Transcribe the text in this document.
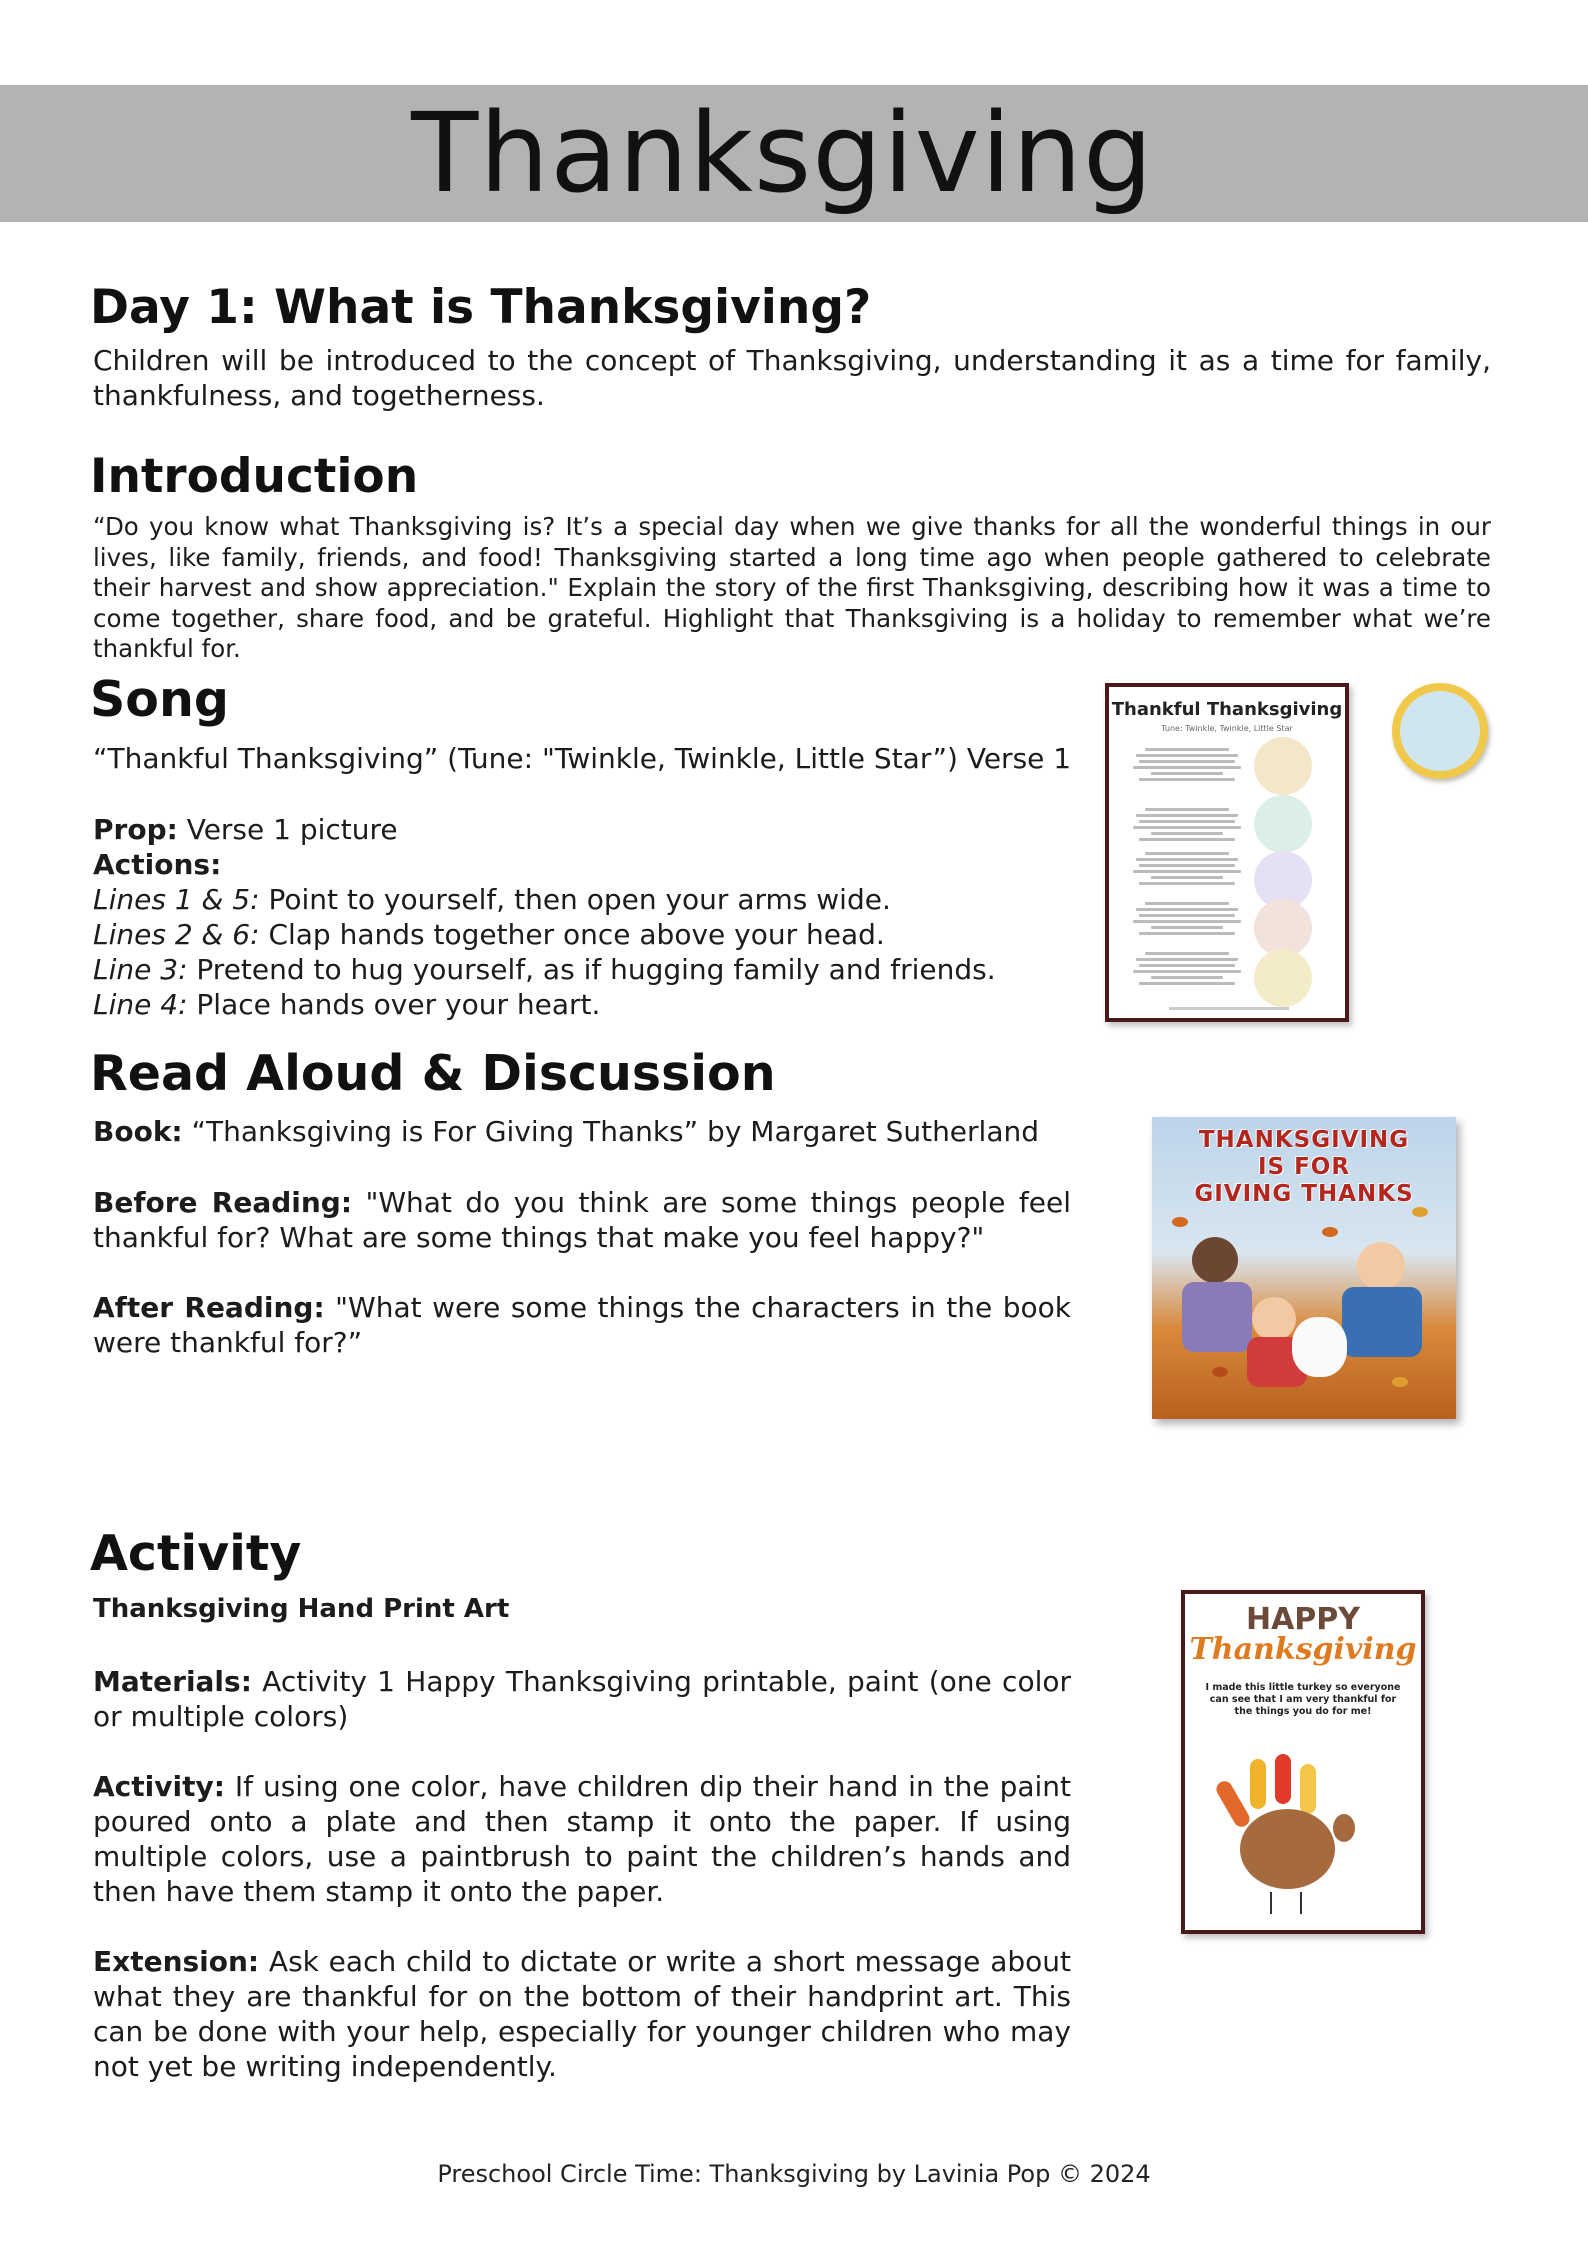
Thanksgiving
Day 1: What is Thanksgiving?

Children will be introduced to the concept of Thanksgiving, understanding it as a time for family, thankfulness, and togetherness.

Introduction

“Do you know what Thanksgiving is? It’s a special day when we give thanks for all the wonderful things in our lives, like family, friends, and food! Thanksgiving started a long time ago when people gathered to celebrate their harvest and show appreciation." Explain the story of the first Thanksgiving, describing how it was a time to come together, share food, and be grateful. Highlight that Thanksgiving is a holiday to remember what we’re thankful for.

Song

“Thankful Thanksgiving” (Tune: "Twinkle, Twinkle, Little Star”) Verse 1

Prop: Verse 1 picture

Actions:

Lines 1 & 5: Point to yourself, then open your arms wide.
Lines 2 & 6: Clap hands together once above your head.
Line 3: Pretend to hug yourself, as if hugging family and friends.
Line 4: Place hands over your heart.

Thankful Thanksgiving
Tune: Twinkle, Twinkle, Little Star
Read Aloud & Discussion

Book: “Thanksgiving is For Giving Thanks” by Margaret Sutherland

Before Reading: "What do you think are some things people feel thankful for? What are some things that make you feel happy?"

After Reading: "What were some things the characters in the book were thankful for?”

THANKSGIVING
IS FOR
GIVING THANKS
Activity

Thanksgiving Hand Print Art

Materials: Activity 1 Happy Thanksgiving printable, paint (one color or multiple colors)

Activity: If using one color, have children dip their hand in the paint poured onto a plate and then stamp it onto the paper. If using multiple colors, use a paintbrush to paint the children’s hands and then have them stamp it onto the paper.

Extension: Ask each child to dictate or write a short message about what they are thankful for on the bottom of their handprint art. This can be done with your help, especially for younger children who may not yet be writing independently.

HAPPY
Thanksgiving
I made this little turkey so everyone can see that I am very thankful for the things you do for me!
Preschool Circle Time: Thanksgiving by Lavinia Pop © 2024
